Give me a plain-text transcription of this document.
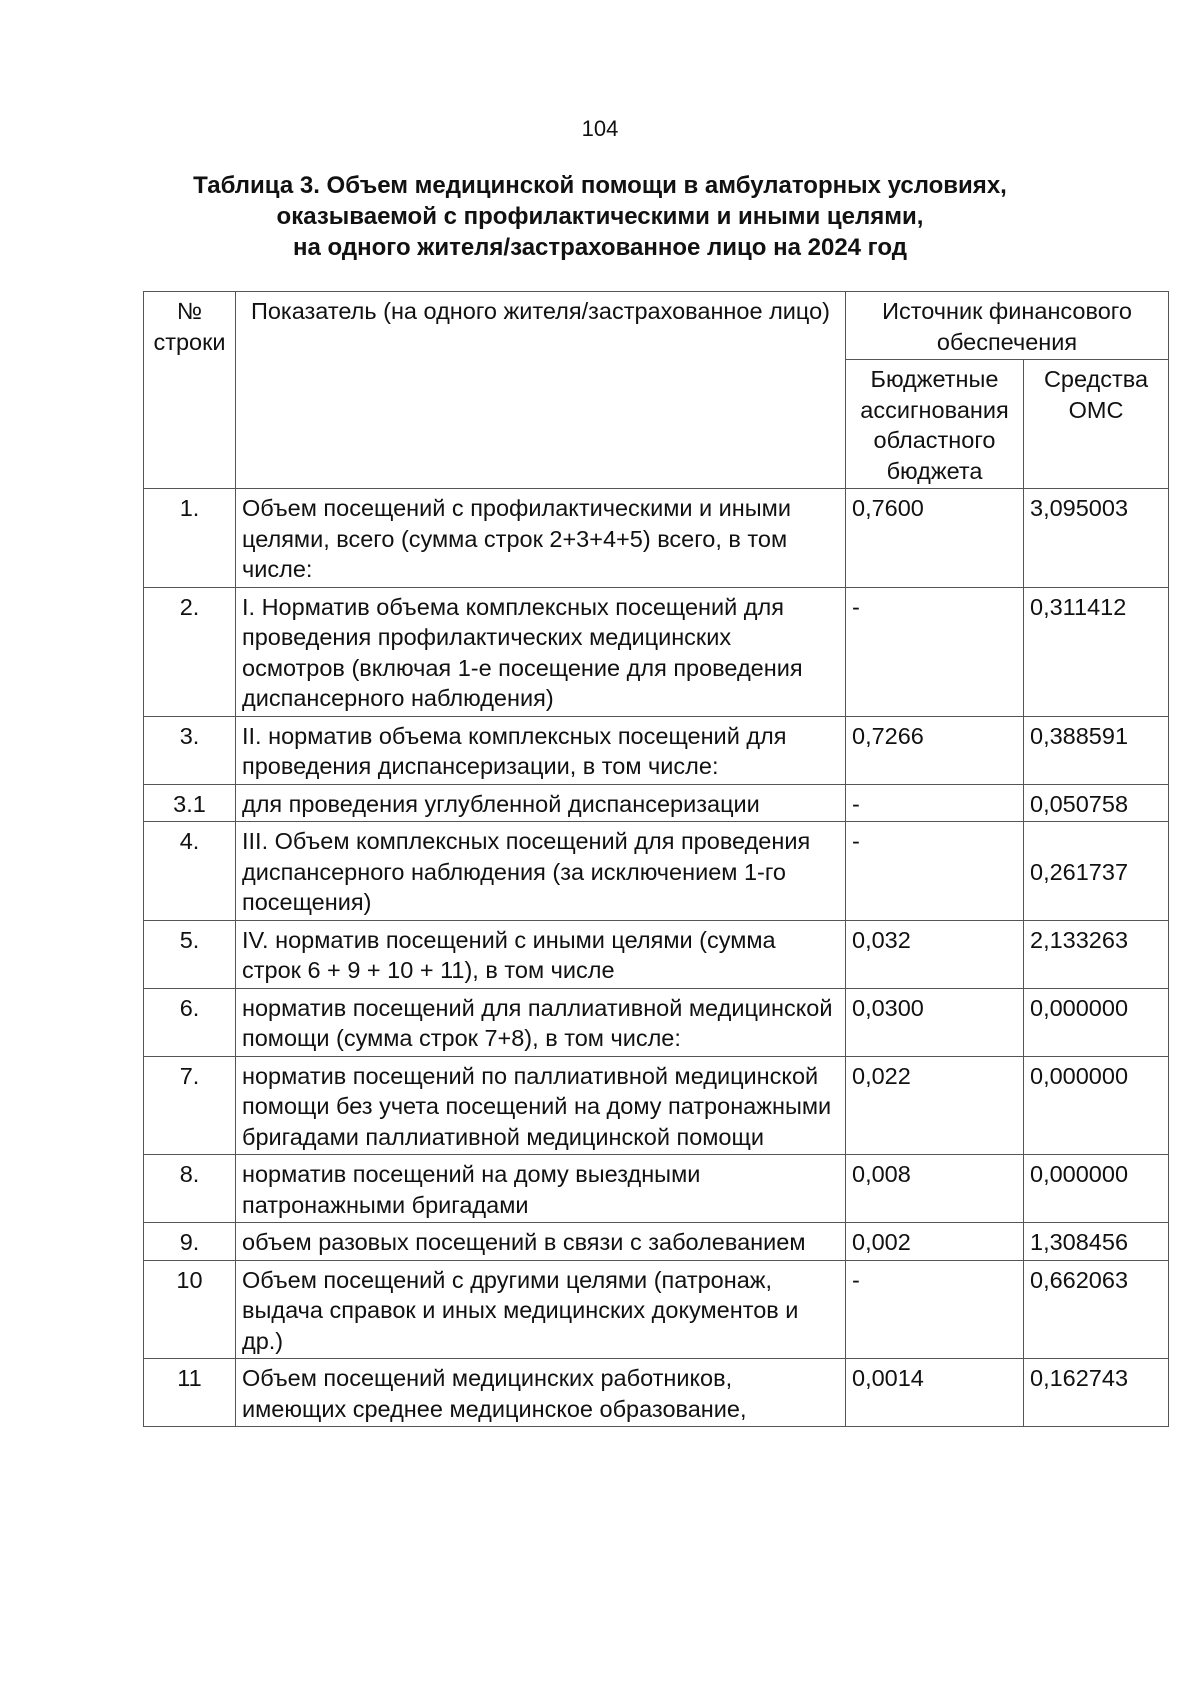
104
Таблица 3. Объем медицинской помощи в амбулаторных условиях,
оказываемой с профилактическими и иными целями,
на одного жителя/застрахованное лицо на 2024 год
№ строки	Показатель (на одного жителя/застрахованное лицо)	Источник финансового обеспечения	
		Бюджетные ассигнования областного бюджета	Средства ОМС
1.	Объем посещений с профилактическими и иными целями, всего (сумма строк 2+3+4+5) всего, в том числе:	0,7600	3,095003
2.	I. Норматив объема комплексных посещений для проведения профилактических медицинских осмотров (включая 1-е посещение для проведения диспансерного наблюдения)	-	0,311412
3.	II. норматив объема комплексных посещений для проведения диспансеризации, в том числе:	0,7266	0,388591
3.1	для проведения углубленной диспансеризации	-	0,050758
4.	III. Объем комплексных посещений для проведения диспансерного наблюдения (за исключением 1-го посещения)	-	0,261737
5.	IV. норматив посещений с иными целями (сумма строк 6 + 9 + 10 + 11), в том числе	0,032	2,133263
6.	норматив посещений для паллиативной медицинской помощи (сумма строк 7+8), в том числе:	0,0300	0,000000
7.	норматив посещений по паллиативной медицинской помощи без учета посещений на дому патронажными бригадами паллиативной медицинской помощи	0,022	0,000000
8.	норматив посещений на дому выездными патронажными бригадами	0,008	0,000000
9.	объем разовых посещений в связи с заболеванием	0,002	1,308456
10	Объем посещений с другими целями (патронаж, выдача справок и иных медицинских документов и др.)	-	0,662063
11	Объем посещений медицинских работников, имеющих среднее медицинское образование,	0,0014	0,162743
